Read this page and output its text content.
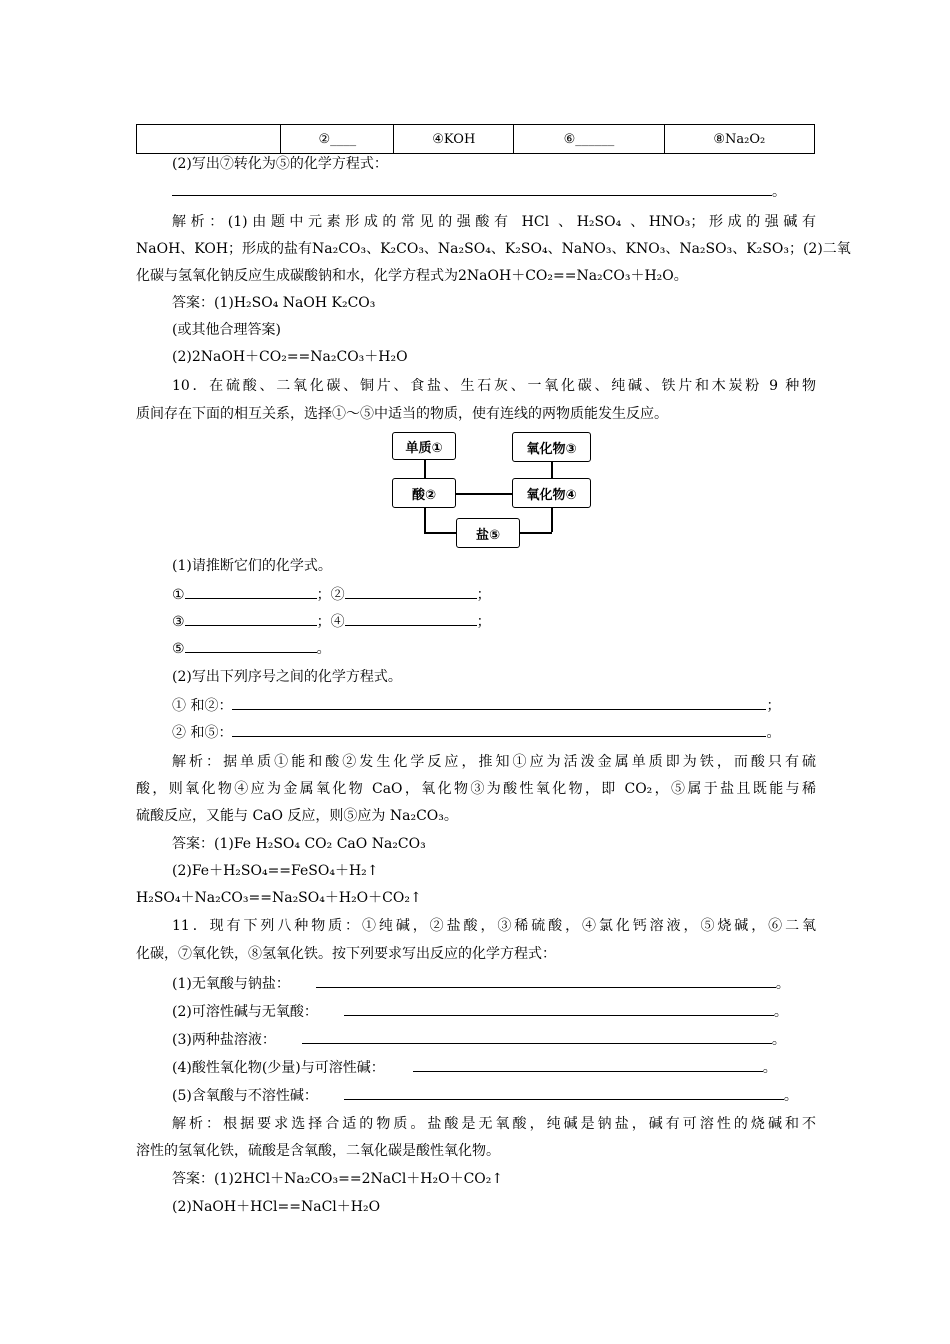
	②____	④KOH	⑥______	⑧Na₂O₂
(2)写出⑦转化为⑤的化学方程式：
。
解析：(1)由题中元素形成的常见的强酸有 HCl 、H₂SO₄ 、HNO₃；形成的强碱有
NaOH、KOH；形成的盐有Na₂CO₃、K₂CO₃、Na₂SO₄、K₂SO₄、NaNO₃、KNO₃、Na₂SO₃、K₂SO₃；(2)二氧
化碳与氢氧化钠反应生成碳酸钠和水，化学方程式为2NaOH＋CO₂==Na₂CO₃＋H₂O。
答案：(1)H₂SO₄ NaOH K₂CO₃
(或其他合理答案)
(2)2NaOH＋CO₂==Na₂CO₃＋H₂O
10．在硫酸、二氧化碳、铜片、食盐、生石灰、一氧化碳、纯碱、铁片和木炭粉 9 种物
质间存在下面的相互关系，选择①～⑤中适当的物质，使有连线的两物质能发生反应。
单质①	氧化物③
酸②	氧化物④
盐⑤
(1)请推断它们的化学式。
①	；②	；
③	；④	；
⑤	。
(2)写出下列序号之间的化学方程式。
① 和②：	；
② 和⑤：	。
解析：据单质①能和酸②发生化学反应，推知①应为活泼金属单质即为铁，而酸只有硫
酸，则氧化物④应为金属氧化物 CaO，氧化物③为酸性氧化物，即 CO₂，⑤属于盐且既能与稀
硫酸反应，又能与 CaO 反应，则⑤应为 Na₂CO₃。
答案：(1)Fe H₂SO₄ CO₂ CaO Na₂CO₃
(2)Fe＋H₂SO₄==FeSO₄＋H₂↑
H₂SO₄＋Na₂CO₃==Na₂SO₄＋H₂O＋CO₂↑
11．现有下列八种物质：①纯碱，②盐酸，③稀硫酸，④氯化钙溶液，⑤烧碱，⑥二氧
化碳，⑦氧化铁，⑧氢氧化铁。按下列要求写出反应的化学方程式：
(1)无氧酸与钠盐：	。
(2)可溶性碱与无氧酸：	。
(3)两种盐溶液：	。
(4)酸性氧化物(少量)与可溶性碱：	。
(5)含氧酸与不溶性碱：	。
解析：根据要求选择合适的物质。盐酸是无氧酸，纯碱是钠盐，碱有可溶性的烧碱和不
溶性的氢氧化铁，硫酸是含氧酸，二氧化碳是酸性氧化物。
答案：(1)2HCl＋Na₂CO₃==2NaCl＋H₂O＋CO₂↑
(2)NaOH＋HCl==NaCl＋H₂O
